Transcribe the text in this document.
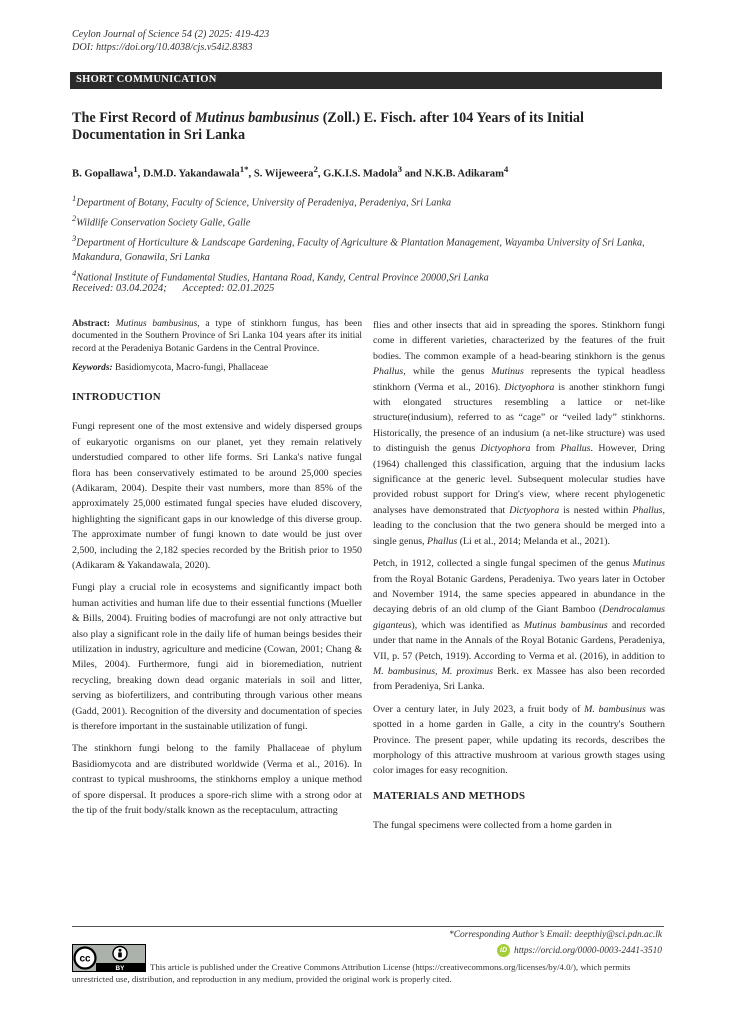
Ceylon Journal of Science 54 (2) 2025: 419-423
DOI: https://doi.org/10.4038/cjs.v54i2.8383
SHORT COMMUNICATION
The First Record of Mutinus bambusinus (Zoll.) E. Fisch. after 104 Years of its Initial Documentation in Sri Lanka
B. Gopallawa$^1$, D.M.D. Yakandawala$^{1*}$, S. Wijeweera$^2$, G.K.I.S. Madola$^3$ and N.K.B. Adikaram$^4$
$^1$Department of Botany, Faculty of Science, University of Peradeniya, Peradeniya, Sri Lanka
$^2$Wildlife Conservation Society Galle, Galle
$^3$Department of Horticulture & Landscape Gardening, Faculty of Agriculture & Plantation Management, Wayamba University of Sri Lanka, Makandura, Gonawila, Sri Lanka
$^4$National Institute of Fundamental Studies, Hantana Road, Kandy, Central Province 20000,Sri Lanka
Received: 03.04.2024; Accepted: 02.01.2025

Abstract: Mutinus bambusinus, a type of stinkhorn fungus, has been documented in the Southern Province of Sri Lanka 104 years after its initial record at the Peradeniya Botanic Gardens in the Central Province.

Keywords: Basidiomycota, Macro-fungi, Phallaceae

INTRODUCTION

Fungi represent one of the most extensive and widely dispersed groups of eukaryotic organisms on our planet, yet they remain relatively understudied compared to other life forms. Sri Lanka's native fungal flora has been conservatively estimated to be around 25,000 species (Adikaram, 2004). Despite their vast numbers, more than 85% of the approximately 25,000 estimated fungal species have eluded discovery, highlighting the significant gaps in our knowledge of this diverse group. The approximate number of fungi known to date would be just over 2,500, including the 2,182 species recorded by the British prior to 1950 (Adikaram & Yakandawala, 2020).

Fungi play a crucial role in ecosystems and significantly impact both human activities and human life due to their essential functions (Mueller & Bills, 2004). Fruiting bodies of macrofungi are not only attractive but also play a significant role in the daily life of human beings besides their utilization in industry, agriculture and medicine (Cowan, 2001; Chang & Miles, 2004). Furthermore, fungi aid in bioremediation, nutrient recycling, breaking down dead organic materials in soil and litter, serving as biofertilizers, and contributing through various other means (Gadd, 2001). Recognition of the diversity and documentation of species is therefore important in the sustainable utilization of fungi.

The stinkhorn fungi belong to the family Phallaceae of phylum Basidiomycota and are distributed worldwide (Verma et al., 2016). In contrast to typical mushrooms, the stinkhorns employ a unique method of spore dispersal. It produces a spore-rich slime with a strong odor at the tip of the fruit body/stalk known as the receptaculum, attracting

flies and other insects that aid in spreading the spores. Stinkhorn fungi come in different varieties, characterized by the features of the fruit bodies. The common example of a head-bearing stinkhorn is the genus Phallus, while the genus Mutinus represents the typical headless stinkhorn (Verma et al., 2016). Dictyophora is another stinkhorn fungi with elongated structures resembling a lattice or net-like structure(indusium), referred to as “cage” or “veiled lady” stinkhorns. Historically, the presence of an indusium (a net-like structure) was used to distinguish the genus Dictyophora from Phallus. However, Dring (1964) challenged this classification, arguing that the indusium lacks significance at the generic level. Subsequent molecular studies have provided robust support for Dring's view, where recent phylogenetic analyses have demonstrated that Dictyophora is nested within Phallus, leading to the conclusion that the two genera should be merged into a single genus, Phallus (Li et al., 2014; Melanda et al., 2021).

Petch, in 1912, collected a single fungal specimen of the genus Mutinus from the Royal Botanic Gardens, Peradeniya. Two years later in October and November 1914, the same species appeared in abundance in the decaying debris of an old clump of the Giant Bamboo (Dendrocalamus giganteus), which was identified as Mutinus bambusinus and recorded under that name in the Annals of the Royal Botanic Gardens, Peradeniya, VII, p. 57 (Petch, 1919). According to Verma et al. (2016), in addition to M. bambusinus, M. proximus Berk. ex Massee has also been recorded from Peradeniya, Sri Lanka.

Over a century later, in July 2023, a fruit body of M. bambusinus was spotted in a home garden in Galle, a city in the country's Southern Province. The present paper, while updating its records, describes the morphology of this attractive mushroom at various growth stages using color images for easy recognition.

MATERIALS AND METHODS

The fungal specimens were collected from a home garden in

*Corresponding Author’s Email: deepthiy@sci.pdn.ac.lk
iD https://orcid.org/0000-0003-2441-3510
cc
BY	This article is published under the Creative Commons Attribution License (https://creativecommons.org/licenses/by/4.0/), which permits unrestricted use, distribution, and reproduction in any medium, provided the original work is properly cited.
